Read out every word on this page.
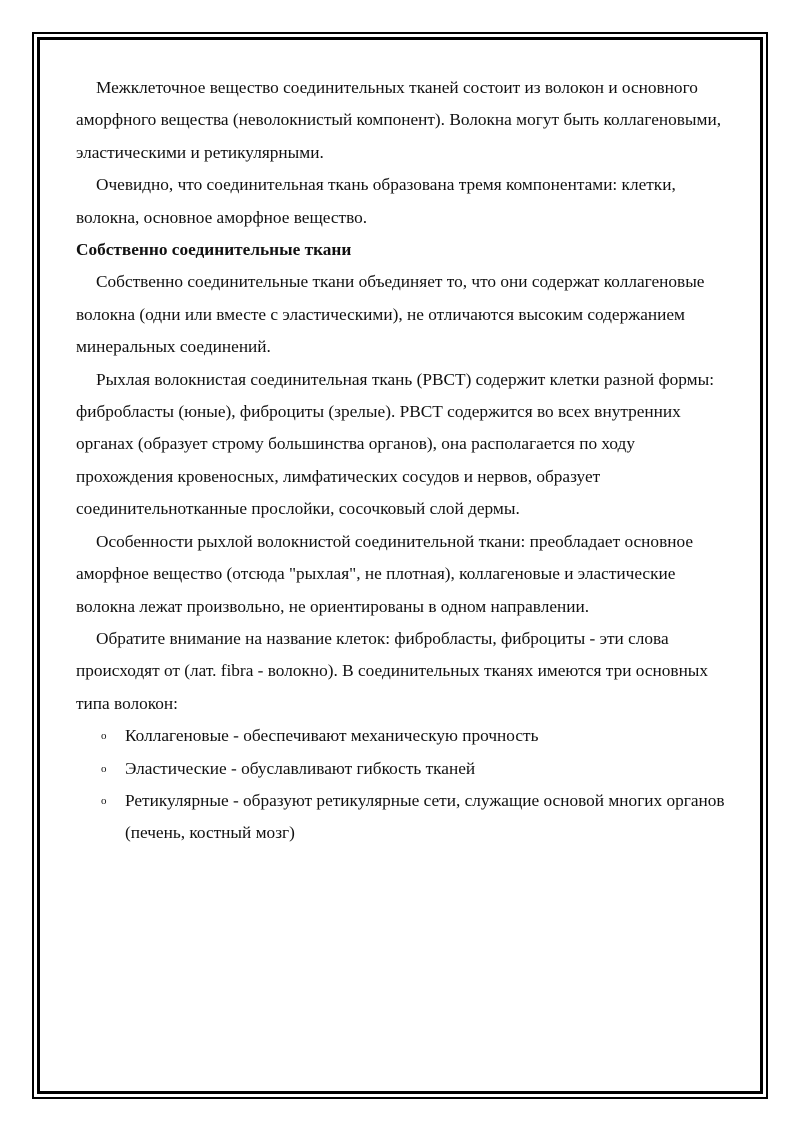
Межклеточное вещество соединительных тканей состоит из волокон и основного аморфного вещества (неволокнистый компонент). Волокна могут быть коллагеновыми, эластическими и ретикулярными.

Очевидно, что соединительная ткань образована тремя компонентами: клетки, волокна, основное аморфное вещество.

Собственно соединительные ткани

Собственно соединительные ткани объединяет то, что они содержат коллагеновые волокна (одни или вместе с эластическими), не отличаются высоким содержанием минеральных соединений.

Рыхлая волокнистая соединительная ткань (РВСТ) содержит клетки разной формы: фибробласты (юные), фиброциты (зрелые). РВСТ содержится во всех внутренних органах (образует строму большинства органов), она располагается по ходу прохождения кровеносных, лимфатических сосудов и нервов, образует соединительнотканные прослойки, сосочковый слой дермы.

Особенности рыхлой волокнистой соединительной ткани: преобладает основное аморфное вещество (отсюда "рыхлая", не плотная), коллагеновые и эластические волокна лежат произвольно, не ориентированы в одном направлении.

Обратите внимание на название клеток: фибробласты, фиброциты - эти слова происходят от (лат. fibra - волокно). В соединительных тканях имеются три основных типа волокон:

o Коллагеновые - обеспечивают механическую прочность
o Эластические - обуславливают гибкость тканей
o Ретикулярные - образуют ретикулярные сети, служащие основой многих органов (печень, костный мозг)
